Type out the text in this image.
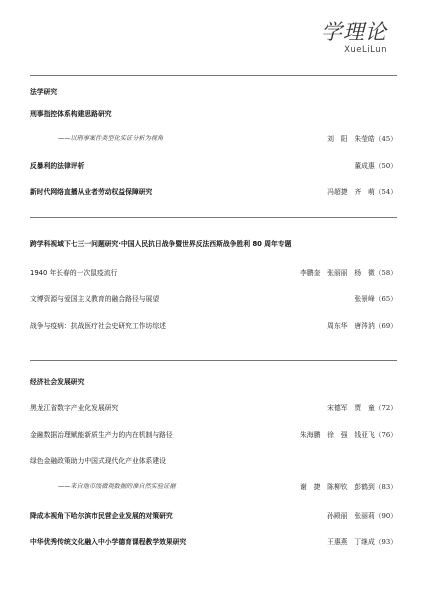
学理论
XueLiLun
法学研究
刑事指控体系构建思路研究
——以刑事案件类型化实证分析为视角	刘　阳　朱莹皓（45）
反暴利的法律评析	董成惠（50）
新时代网络直播从业者劳动权益保障研究	冯超捷　齐　萌（54）
跨学科视域下七三一问题研究·中国人民抗日战争暨世界反法西斯战争胜利 80 周年专题
1940 年长春的一次鼠疫流行	李鹏奎　张丽丽　杨　微（58）
文博资源与爱国主义教育的融合路径与展望	张景峰（65）
战争与疫病：抗战医疗社会史研究工作坊综述	周东华　唐涔汭（69）
经济社会发展研究
黑龙江省数字产业化发展研究	宋德军　贾　童（72）
金融数据治理赋能新质生产力的内在机制与路径	朱海鹏　徐　强　钱亚飞（76）
绿色金融政策助力中国式现代化产业体系建设
——来自地市级微观数据的准自然实验证据	谢　捷　陈柳钦　彭鹤到（83）
降成本视角下哈尔滨市民营企业发展的对策研究	孙殿丽　张丽莉（90）
中华优秀传统文化融入中小学德育课程教学效果研究	王惠燕　丁继成（93）
